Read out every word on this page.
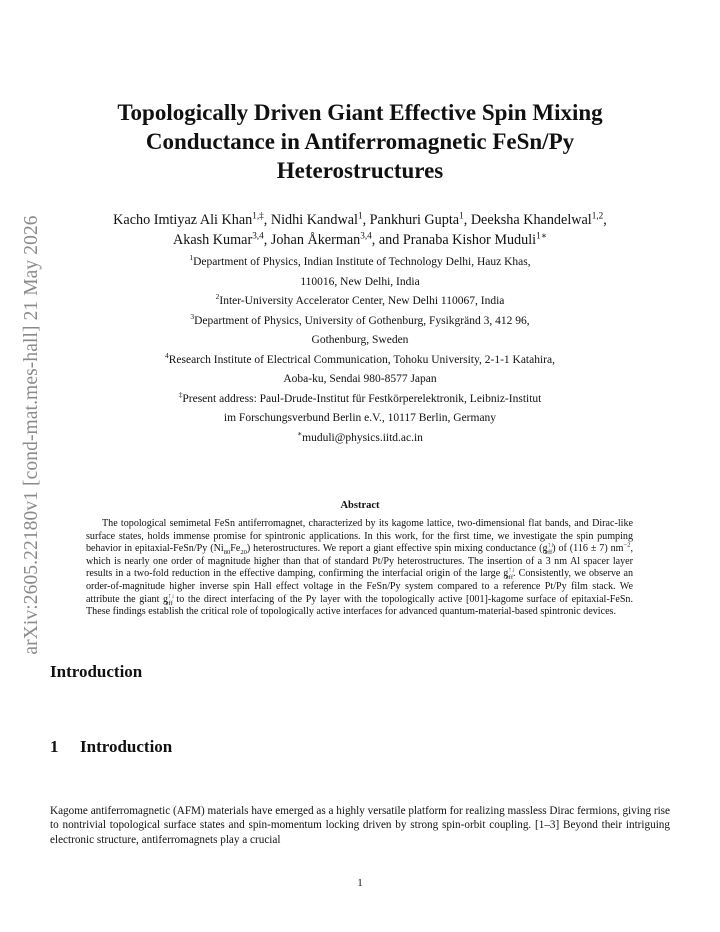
arXiv:2605.22180v1 [cond-mat.mes-hall] 21 May 2026
Topologically Driven Giant Effective Spin Mixing Conductance in Antiferromagnetic FeSn/Py Heterostructures
Kacho Imtiyaz Ali Khan$^{1,\ddagger}$, Nidhi Kandwal$^1$, Pankhuri Gupta$^1$, Deeksha Khandelwal$^{1,2}$,
Akash Kumar$^{3,4}$, Johan Åkerman$^{3,4}$, and Pranaba Kishor Muduli$^{1∗}$

$^1$Department of Physics, Indian Institute of Technology Delhi, Hauz Khas,

110016, New Delhi, India

$^2$Inter-University Accelerator Center, New Delhi 110067, India

$^3$Department of Physics, University of Gothenburg, Fysikgränd 3, 412 96,

Gothenburg, Sweden

$^4$Research Institute of Electrical Communication, Tohoku University, 2-1-1 Katahira,

Aoba-ku, Sendai 980-8577 Japan

‡Present address: Paul-Drude-Institut für Festkörperelektronik, Leibniz-Institut

im Forschungsverbund Berlin e.V., 10117 Berlin, Germany

∗muduli@physics.iitd.ac.in

Abstract
The topological semimetal FeSn antiferromagnet, characterized by its kagome lattice, two-dimensional flat bands, and Dirac-like surface states, holds immense promise for spintronic applications. In this work, for the first time, we investigate the spin pumping behavior in epitaxial-FeSn/Py $(Ni_{80}Fe_{20})$ heterostructures. We report a giant effective spin mixing conductance $(g^{↑↓}_{eff})$ of (116 ± 7) $nm^{-2}$, which is nearly one order of magnitude higher than that of standard Pt/Py heterostructures. The insertion of a 3 nm Al spacer layer results in a two-fold reduction in the effective damping, confirming the interfacial origin of the large $g^{↑↓}_{eff}$. Consistently, we observe an order-of-magnitude higher inverse spin Hall effect voltage in the FeSn/Py system compared to a reference Pt/Py film stack. We attribute the giant $g^{↑↓}_{eff}$ to the direct interfacing of the Py layer with the topologically active [001]-kagome surface of epitaxial-FeSn. These findings establish the critical role of topologically active interfaces for advanced quantum-material-based spintronic devices.
Introduction
1 Introduction
Kagome antiferromagnetic (AFM) materials have emerged as a highly versatile platform for realizing massless Dirac fermions, giving rise to nontrivial topological surface states and spin-momentum locking driven by strong spin-orbit coupling. [1–3] Beyond their intriguing electronic structure, antiferromagnets play a crucial
1
